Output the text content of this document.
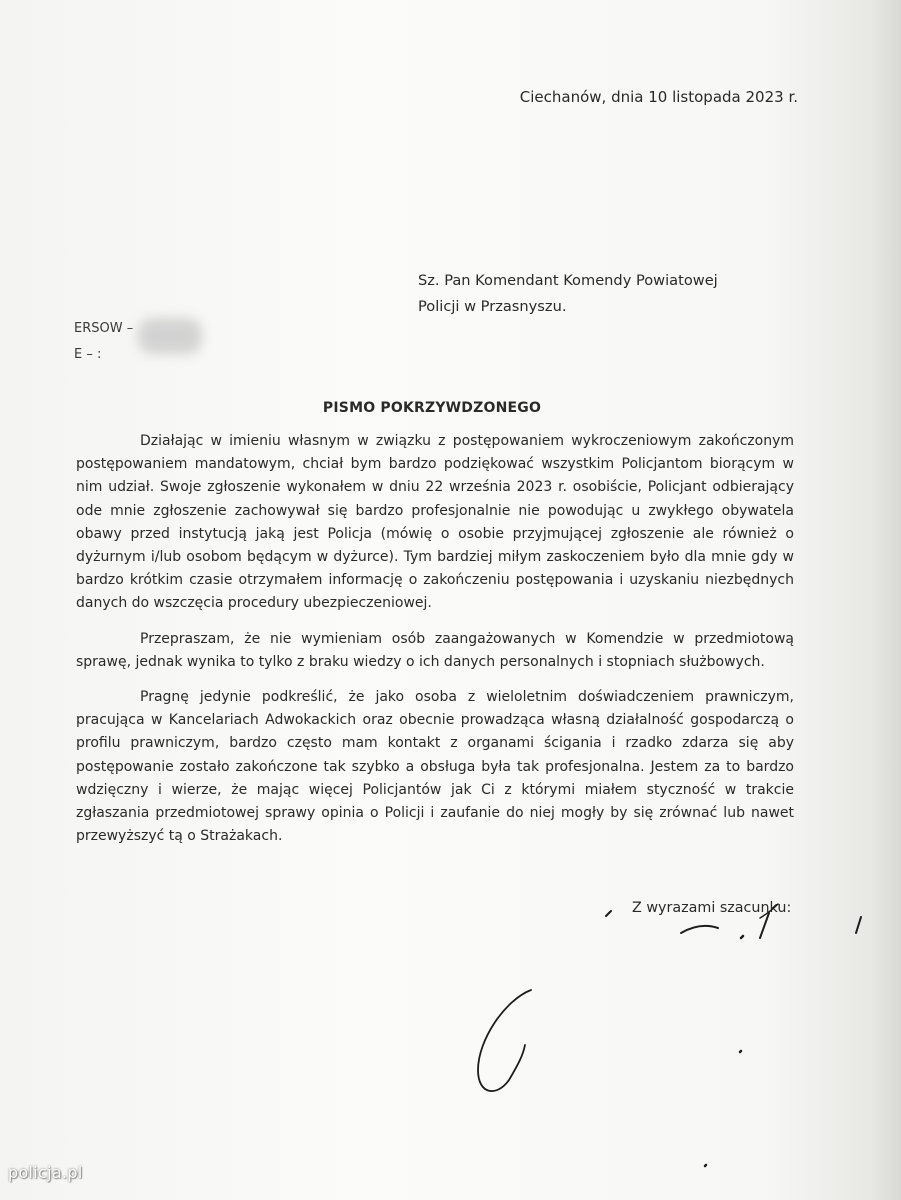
Ciechanów, dnia 10 listopada 2023 r.
Sz. Pan Komendant Komendy Powiatowej
Policji w Przasnyszu.
ERSOW –
E – :
PISMO POKRZYWDZONEGO

Działając w imieniu własnym w związku z postępowaniem wykroczeniowym zakończonym postępowaniem mandatowym, chciał bym bardzo podziękować wszystkim Policjantom biorącym w nim udział. Swoje zgłoszenie wykonałem w dniu 22 września 2023 r. osobiście, Policjant odbierający ode mnie zgłoszenie zachowywał się bardzo profesjonalnie nie powodując u zwykłego obywatela obawy przed instytucją jaką jest Policja (mówię o osobie przyjmującej zgłoszenie ale również o dyżurnym i/lub osobom będącym w dyżurce). Tym bardziej miłym zaskoczeniem było dla mnie gdy w bardzo krótkim czasie otrzymałem informację o zakończeniu postępowania i uzyskaniu niezbędnych danych do wszczęcia procedury ubezpieczeniowej.

Przepraszam, że nie wymieniam osób zaangażowanych w Komendzie w przedmiotową sprawę, jednak wynika to tylko z braku wiedzy o ich danych personalnych i stopniach służbowych.

Pragnę jedynie podkreślić, że jako osoba z wieloletnim doświadczeniem prawniczym, pracująca w Kancelariach Adwokackich oraz obecnie prowadząca własną działalność gospodarczą o profilu prawniczym, bardzo często mam kontakt z organami ścigania i rzadko zdarza się aby postępowanie zostało zakończone tak szybko a obsługa była tak profesjonalna. Jestem za to bardzo wdzięczny i wierze, że mając więcej Policjantów jak Ci z którymi miałem styczność w trakcie zgłaszania przedmiotowej sprawy opinia o Policji i zaufanie do niej mogły by się zrównać lub nawet przewyższyć tą o Strażakach.

Z wyrazami szacunku:
policja.pl
